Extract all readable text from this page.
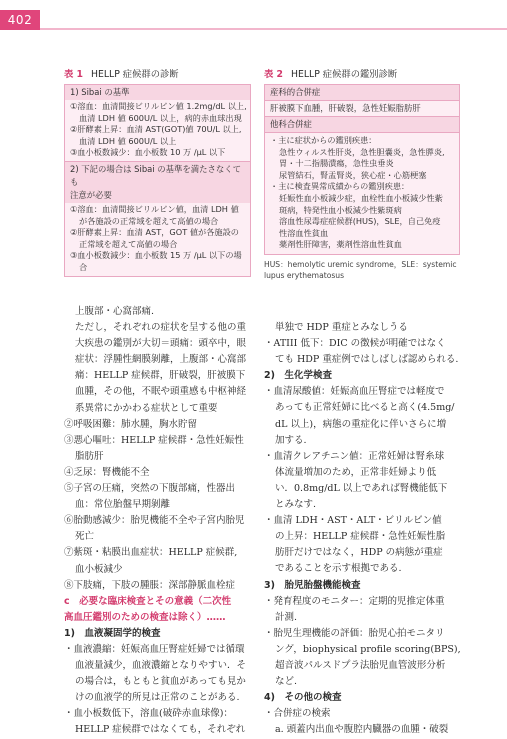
402
表 1 HELLP 症候群の診断
1) Sibai の基準
①溶血：血清間接ビリルビン値 1.2mg/dL 以上,
血清 LDH 値 600U/L 以上，病的赤血球出現
②肝酵素上昇：血清 AST(GOT)値 70U/L 以上,
血清 LDH 値 600U/L 以上
③血小板数減少：血小板数 10 万 /μL 以下
2) 下記の場合は Sibai の基準を満たさなくても
注意が必要
①溶血：血清間接ビリルビン値，血清 LDH 値
が各施設の正常域を超えて高値の場合
②肝酵素上昇：血清 AST，GOT 値が各施設の
正常域を超えて高値の場合
③血小板数減少：血小板数 15 万 /μL 以下の場
合
表 2 HELLP 症候群の鑑別診断
産科的合併症
肝被膜下血腫，肝破裂，急性妊娠脂肪肝
他科合併症
・主に症状からの鑑別疾患：
急性ウィルス性肝炎，急性胆嚢炎，急性膵炎,
胃・十二指腸潰瘍，急性虫垂炎
尿管結石，腎盂腎炎，狭心症・心筋梗塞
・主に検査異常成績からの鑑別疾患：
妊娠性血小板減少症，血栓性血小板減少性紫
斑病，特発性血小板減少性紫斑病
溶血性尿毒症症候群(HUS)，SLE，自己免疫
性溶血性貧血
薬剤性肝障害，薬剤性溶血性貧血
HUS：hemolytic uremic syndrome，SLE：systemic
lupus erythematosus
上腹部・心窩部痛.
ただし，それぞれの症状を呈する他の重
大疾患の鑑別が大切＝頭痛：頭卒中，眼
症状：浮腫性網膜剝離，上腹部・心窩部
痛：HELLP 症候群，肝破裂，肝被膜下
血腫，その他，不眠や頭重感も中枢神経
系異常にかかわる症状として重要
②呼吸困難：肺水腫，胸水貯留
③悪心嘔吐：HELLP 症候群・急性妊娠性
脂肪肝
④乏尿：腎機能不全
⑤子宮の圧痛，突然の下腹部痛，性器出
血：常位胎盤早期剝離
⑥胎動感減少：胎児機能不全や子宮内胎児
死亡
⑦紫斑・粘膜出血症状：HELLP 症候群,
血小板減少
⑧下肢痛，下肢の腫脹：深部静脈血栓症
c　必要な臨床検査とその意義（二次性
高血圧鑑別のための検査は除く）……
1)　血液凝固学的検査
・血液濃縮：妊娠高血圧腎症妊婦では循環
血液量減少，血液濃縮となりやすい．そ
の場合は，もともと貧血があっても見か
けの血液学的所見は正常のことがある.
・血小板数低下，溶血(破砕赤血球像)：
HELLP 症候群ではなくても，それぞれ
単独で HDP 重症とみなしうる
・ATIII 低下：DIC の徴候が明確ではなく
ても HDP 重症例ではしばしば認められる.
2)　生化学検査
・血清尿酸値：妊娠高血圧腎症では軽度で
あっても正常妊婦に比べると高く(4.5mg/
dL 以上)，病態の重症化に伴いさらに増
加する.
・血清クレアチニン値：正常妊婦は腎糸球
体流量増加のため，正常非妊婦より低
い．0.8mg/dL 以上であれば腎機能低下
とみなす.
・血清 LDH・AST・ALT・ビリルビン値
の上昇：HELLP 症候群・急性妊娠性脂
肪肝だけではなく，HDP の病態が重症
であることを示す根拠である.
3)　胎児胎盤機能検査
・発育程度のモニター：定期的児推定体重
計測.
・胎児生理機能の評価：胎児心拍モニタリ
ング，biophysical profile scoring(BPS),
超音波パルスドプラ法胎児血管波形分析
など.
4)　その他の検査
・合併症の検索
a. 頭蓋内出血や腹腔内臓器の血腫・破裂
